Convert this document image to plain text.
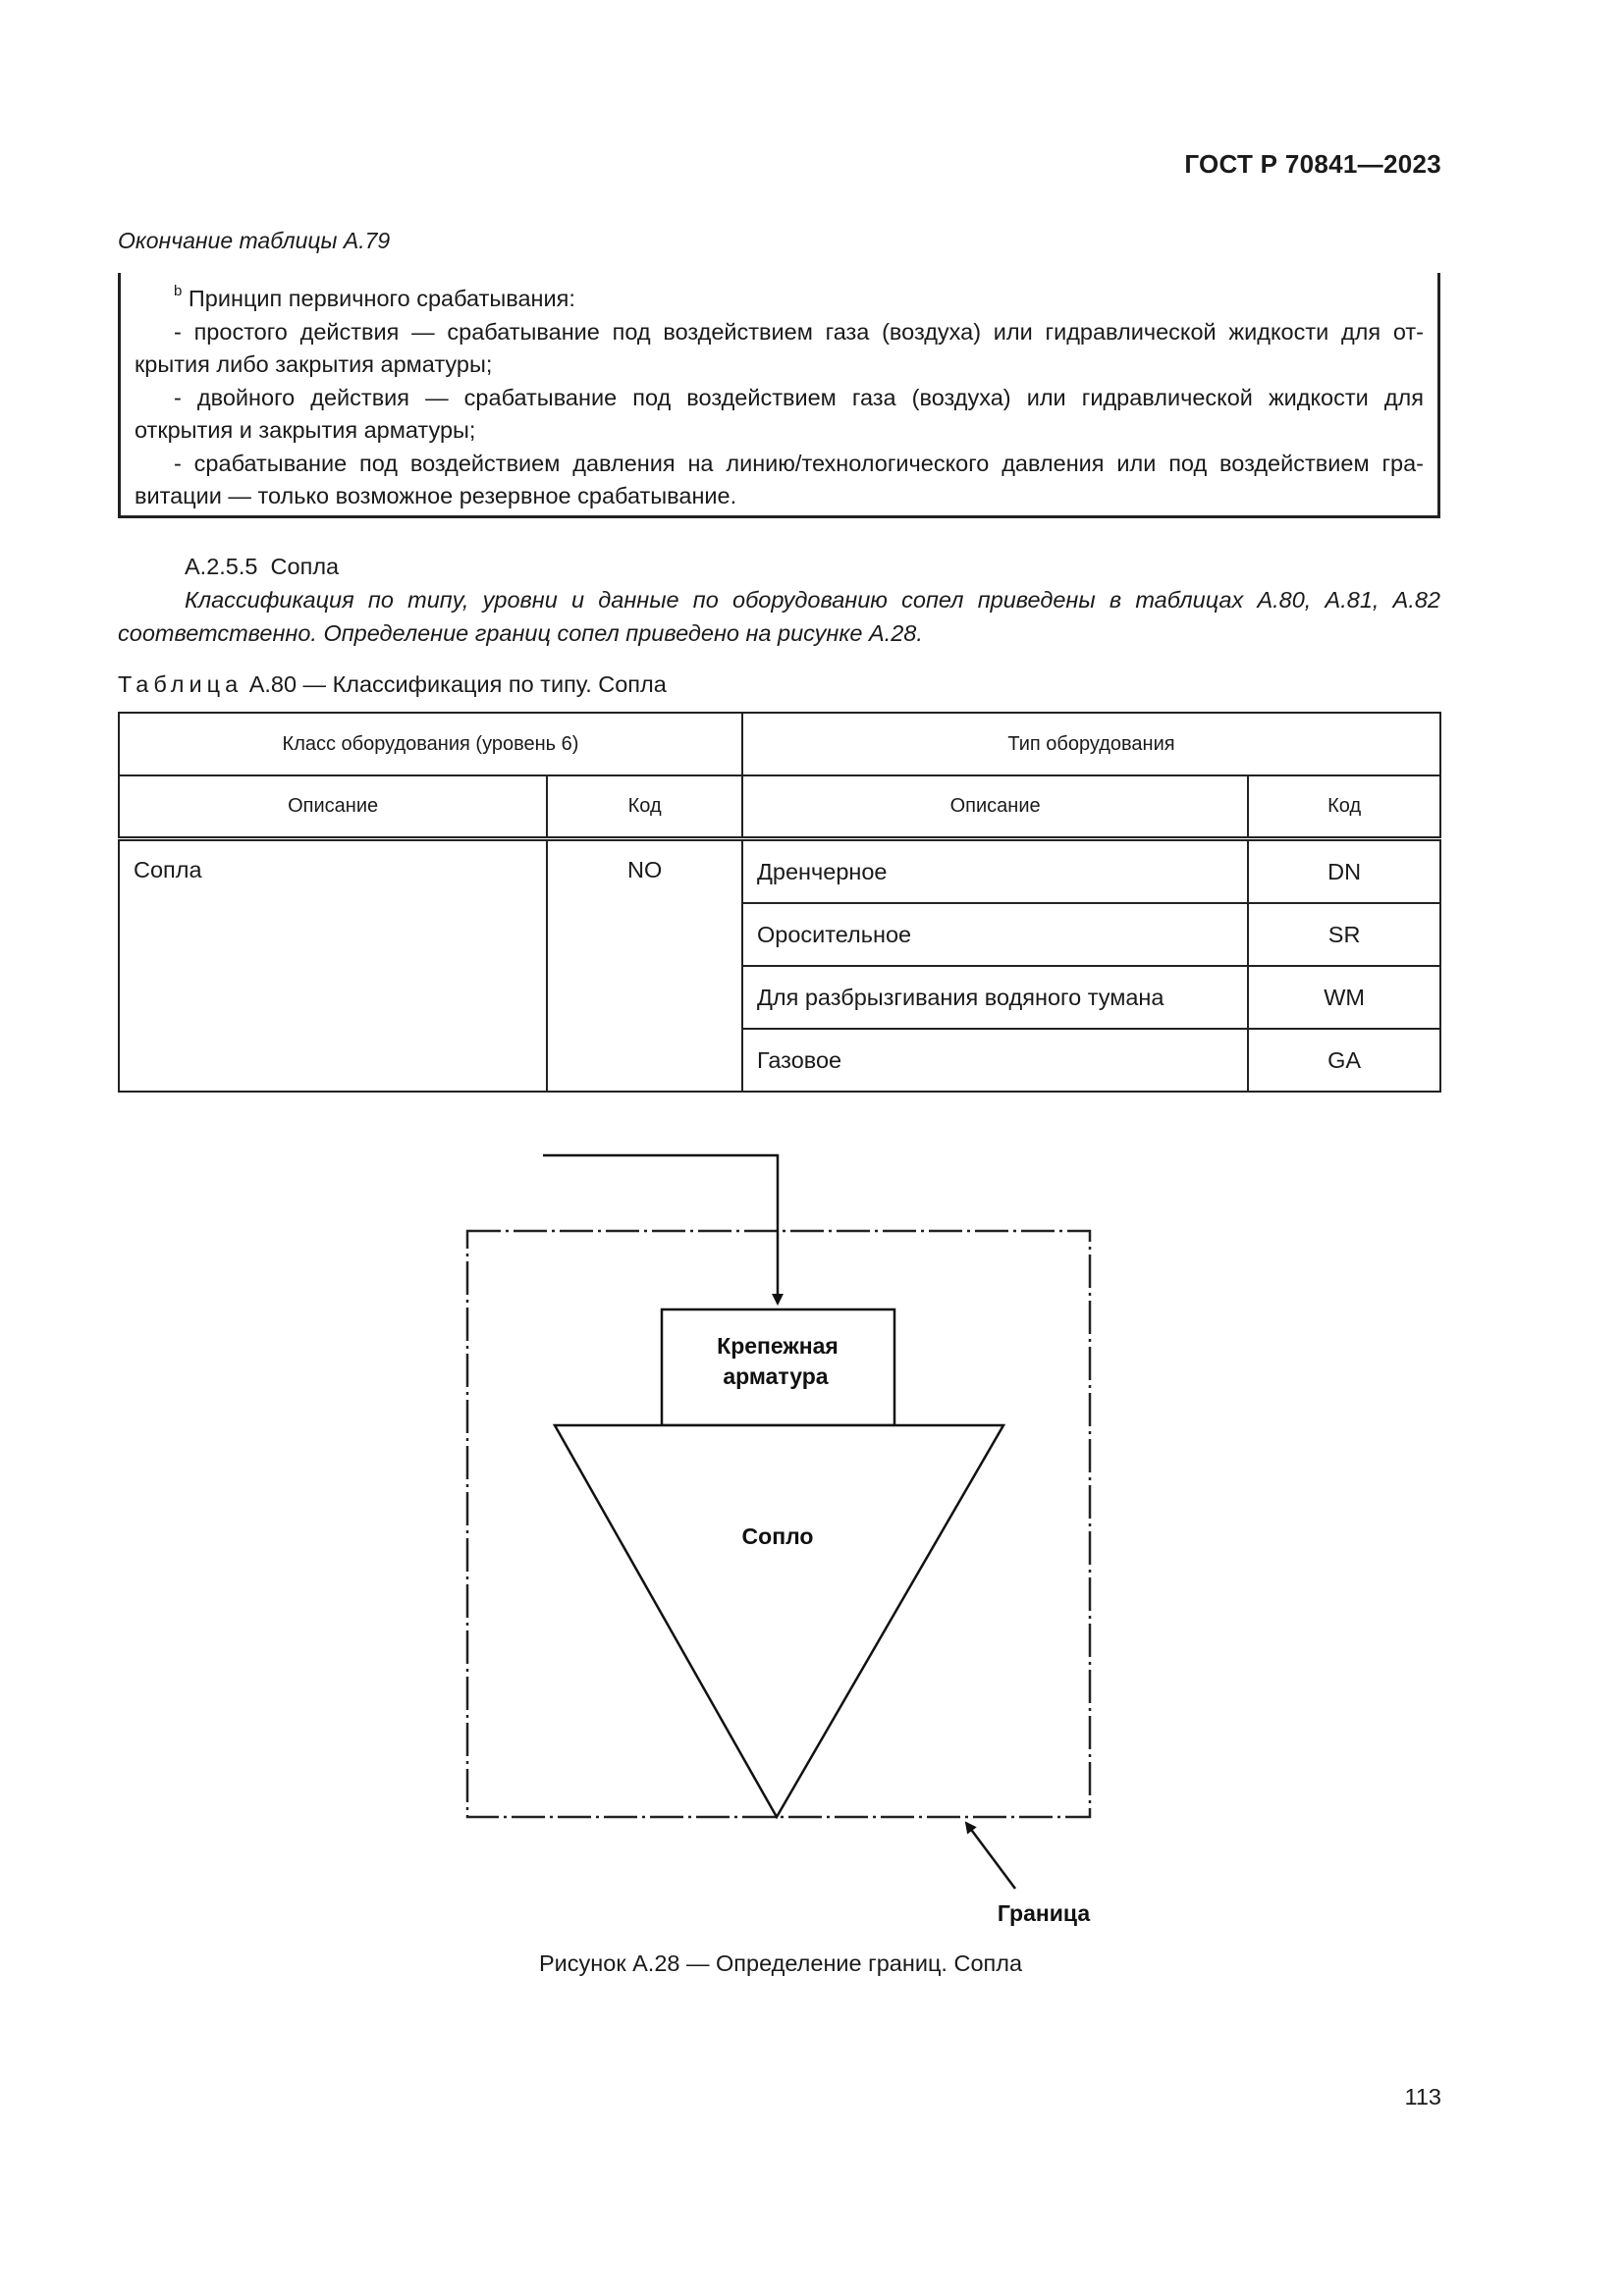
ГОСТ Р 70841—2023
Окончание таблицы А.79
$^b$ Принцип первичного срабатывания:
- простого действия — срабатывание под воздействием газа (воздуха) или гидравлической жидкости для от-
крытия либо закрытия арматуры;
- двойного действия — срабатывание под воздействием газа (воздуха) или гидравлической жидкости для
открытия и закрытия арматуры;
- срабатывание под воздействием давления на линию/технологического давления или под воздействием гра-
витации — только возможное резервное срабатывание.
А.2.5.5 Сопла
Классификация по типу, уровни и данные по оборудованию сопел приведены в таблицах А.80, А.81, А.82
соответственно. Определение границ сопел приведено на рисунке А.28.
Таблица А.80 — Классификация по типу. Сопла
Класс оборудования (уровень 6)		Тип оборудования	
Описание	Код	Описание	Код
Сопла	NO	Дренчерное	DN
		Оросительное	SR
		Для разбрызгивания водяного тумана	WM
		Газовое	GA
Крепежная
арматура
Сопло
Граница
Рисунок А.28 — Определение границ. Сопла
113
